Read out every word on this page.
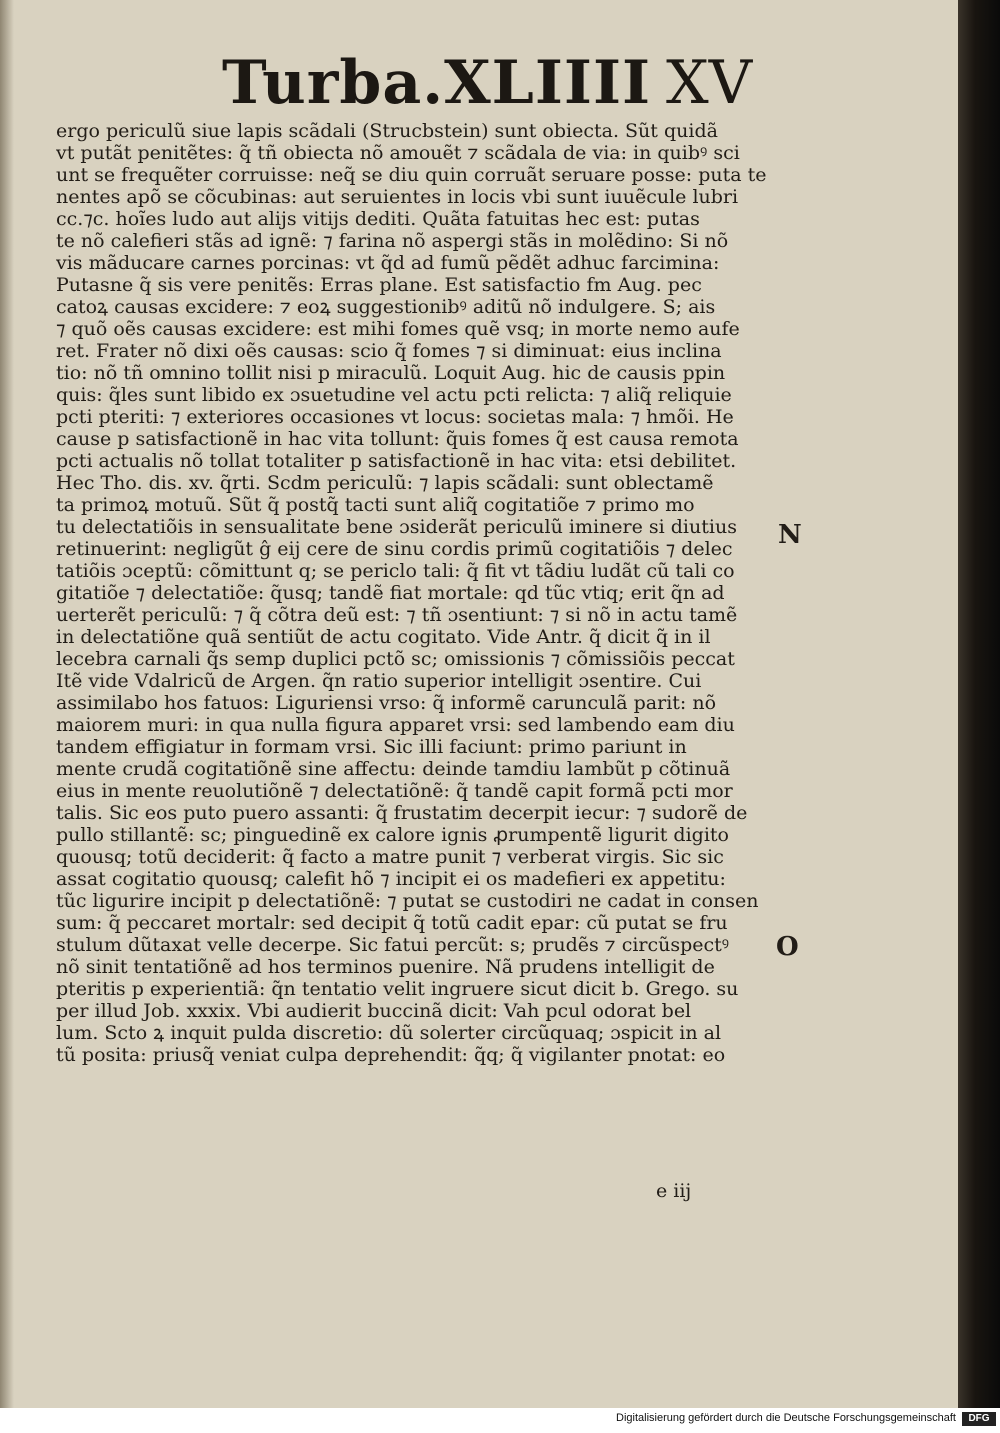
Turba.XLIIII XV
ergo periculũ siue lapis scãdali (Strucbstein) sunt obiecta. Sũt quidã
vt putãt penitẽtes: q̃ tñ obiecta nõ amouẽt ⁊ scãdala de via: in quibꝰ sci
unt se frequẽter corruisse: neq̃ se diu quin corruãt seruare posse: puta te
nentes apõ se cõcubinas: aut seruientes in locis vbi sunt iuuẽcule lubri
cc.⁊c. hoĩes ludo aut alijs vitijs dediti. Quãta fatuitas hec est: putas
te nõ calefieri stãs ad ignẽ: ⁊ farina nõ aspergi stãs in molẽdino: Si nõ
vis mãducare carnes porcinas: vt q̃d ad fumũ pẽdẽt adhuc farcimina:
Putasne q̃ sis vere penitẽs: Erras plane. Est satisfactio fm Aug. pec
catoꝝ causas excidere: ⁊ eoꝝ suggestionibꝰ aditũ nõ indulgere. S; ais
⁊ quõ oẽs causas excidere: est mihi fomes quẽ vsq; in morte nemo aufe
ret. Frater nõ dixi oẽs causas: scio q̃ fomes ⁊ si diminuat: eius inclina
tio: nõ tñ omnino tollit nisi p miraculũ. Loquit Aug. hic de causis ppin
quis: q̃les sunt libido ex ɔsuetudine vel actu pcti relicta: ⁊ aliq̃ reliquie
pcti pteriti: ⁊ exteriores occasiones vt locus: societas mala: ⁊ hmõi. He
cause p satisfactionẽ in hac vita tollunt: q̃uis fomes q̃ est causa remota
pcti actualis nõ tollat totaliter p satisfactionẽ in hac vita: etsi debilitet.
Hec Tho. dis. xv. q̃rti. Scdm periculũ: ⁊ lapis scãdali: sunt oblectamẽ
ta primoꝝ motuũ. Sũt q̃ postq̃ tacti sunt aliq̃ cogitatiõe ⁊ primo mo
tu delectatiõis in sensualitate bene ɔsiderãt periculũ iminere si diutius
retinuerint: negligũt ĝ eij cere de sinu cordis primũ cogitatiõis ⁊ delec
tatiõis ɔceptũ: cõmittunt q; se periclo tali: q̃ fit vt tãdiu ludãt cũ tali co
gitatiõe ⁊ delectatiõe: q̃usq; tandẽ fiat mortale: qd tũc vtiq; erit q̃n ad
uerterẽt periculũ: ⁊ q̃ cõtra deũ est: ⁊ tñ ɔsentiunt: ⁊ si nõ in actu tamẽ
in delectatiõne quã sentiũt de actu cogitato. Vide Antr. q̃ dicit q̃ in il
lecebra carnali q̃s semp duplici pctõ sc; omissionis ⁊ cõmissiõis peccat
Itẽ vide Vdalricũ de Argen. q̃n ratio superior intelligit ɔsentire. Cui
assimilabo hos fatuos: Liguriensi vrso: q̃ informẽ carunculã parit: nõ
maiorem muri: in qua nulla figura apparet vrsi: sed lambendo eam diu
tandem effigiatur in formam vrsi. Sic illi faciunt: primo pariunt in
mente crudã cogitatiõnẽ sine affectu: deinde tamdiu lambũt p cõtinuã
eius in mente reuolutiõnẽ ⁊ delectatiõnẽ: q̃ tandẽ capit formã pcti mor
talis. Sic eos puto puero assanti: q̃ frustatim decerpit iecur: ⁊ sudorẽ de
pullo stillantẽ: sc; pinguedinẽ ex calore ignis ꝓrumpentẽ ligurit digito
quousq; totũ deciderit: q̃ facto a matre punit ⁊ verberat virgis. Sic sic
assat cogitatio quousq; calefit hõ ⁊ incipit ei os madefieri ex appetitu:
tũc ligurire incipit p delectatiõnẽ: ⁊ putat se custodiri ne cadat in consen
sum: q̃ peccaret mortalr: sed decipit q̃ totũ cadit epar: cũ putat se fru
stulum dũtaxat velle decerpe. Sic fatui percũt: s; prudẽs ⁊ circũspectꝰ
nõ sinit tentatiõnẽ ad hos terminos puenire. Nã prudens intelligit de
pteritis p experientiã: q̃n tentatio velit ingruere sicut dicit b. Grego. su
per illud Job. xxxix. Vbi audierit buccinã dicit: Vah pcul odorat bel
lum. Scto ꝝ inquit pulda discretio: dũ solerter circũquaq; ɔspicit in al
tũ posita: priusq̃ veniat culpa deprehendit: q̃q; q̃ vigilanter pnotat: eo
N
O
e iij
Digitalisierung gefördert durch die Deutsche Forschungsgemeinschaft	DFG
